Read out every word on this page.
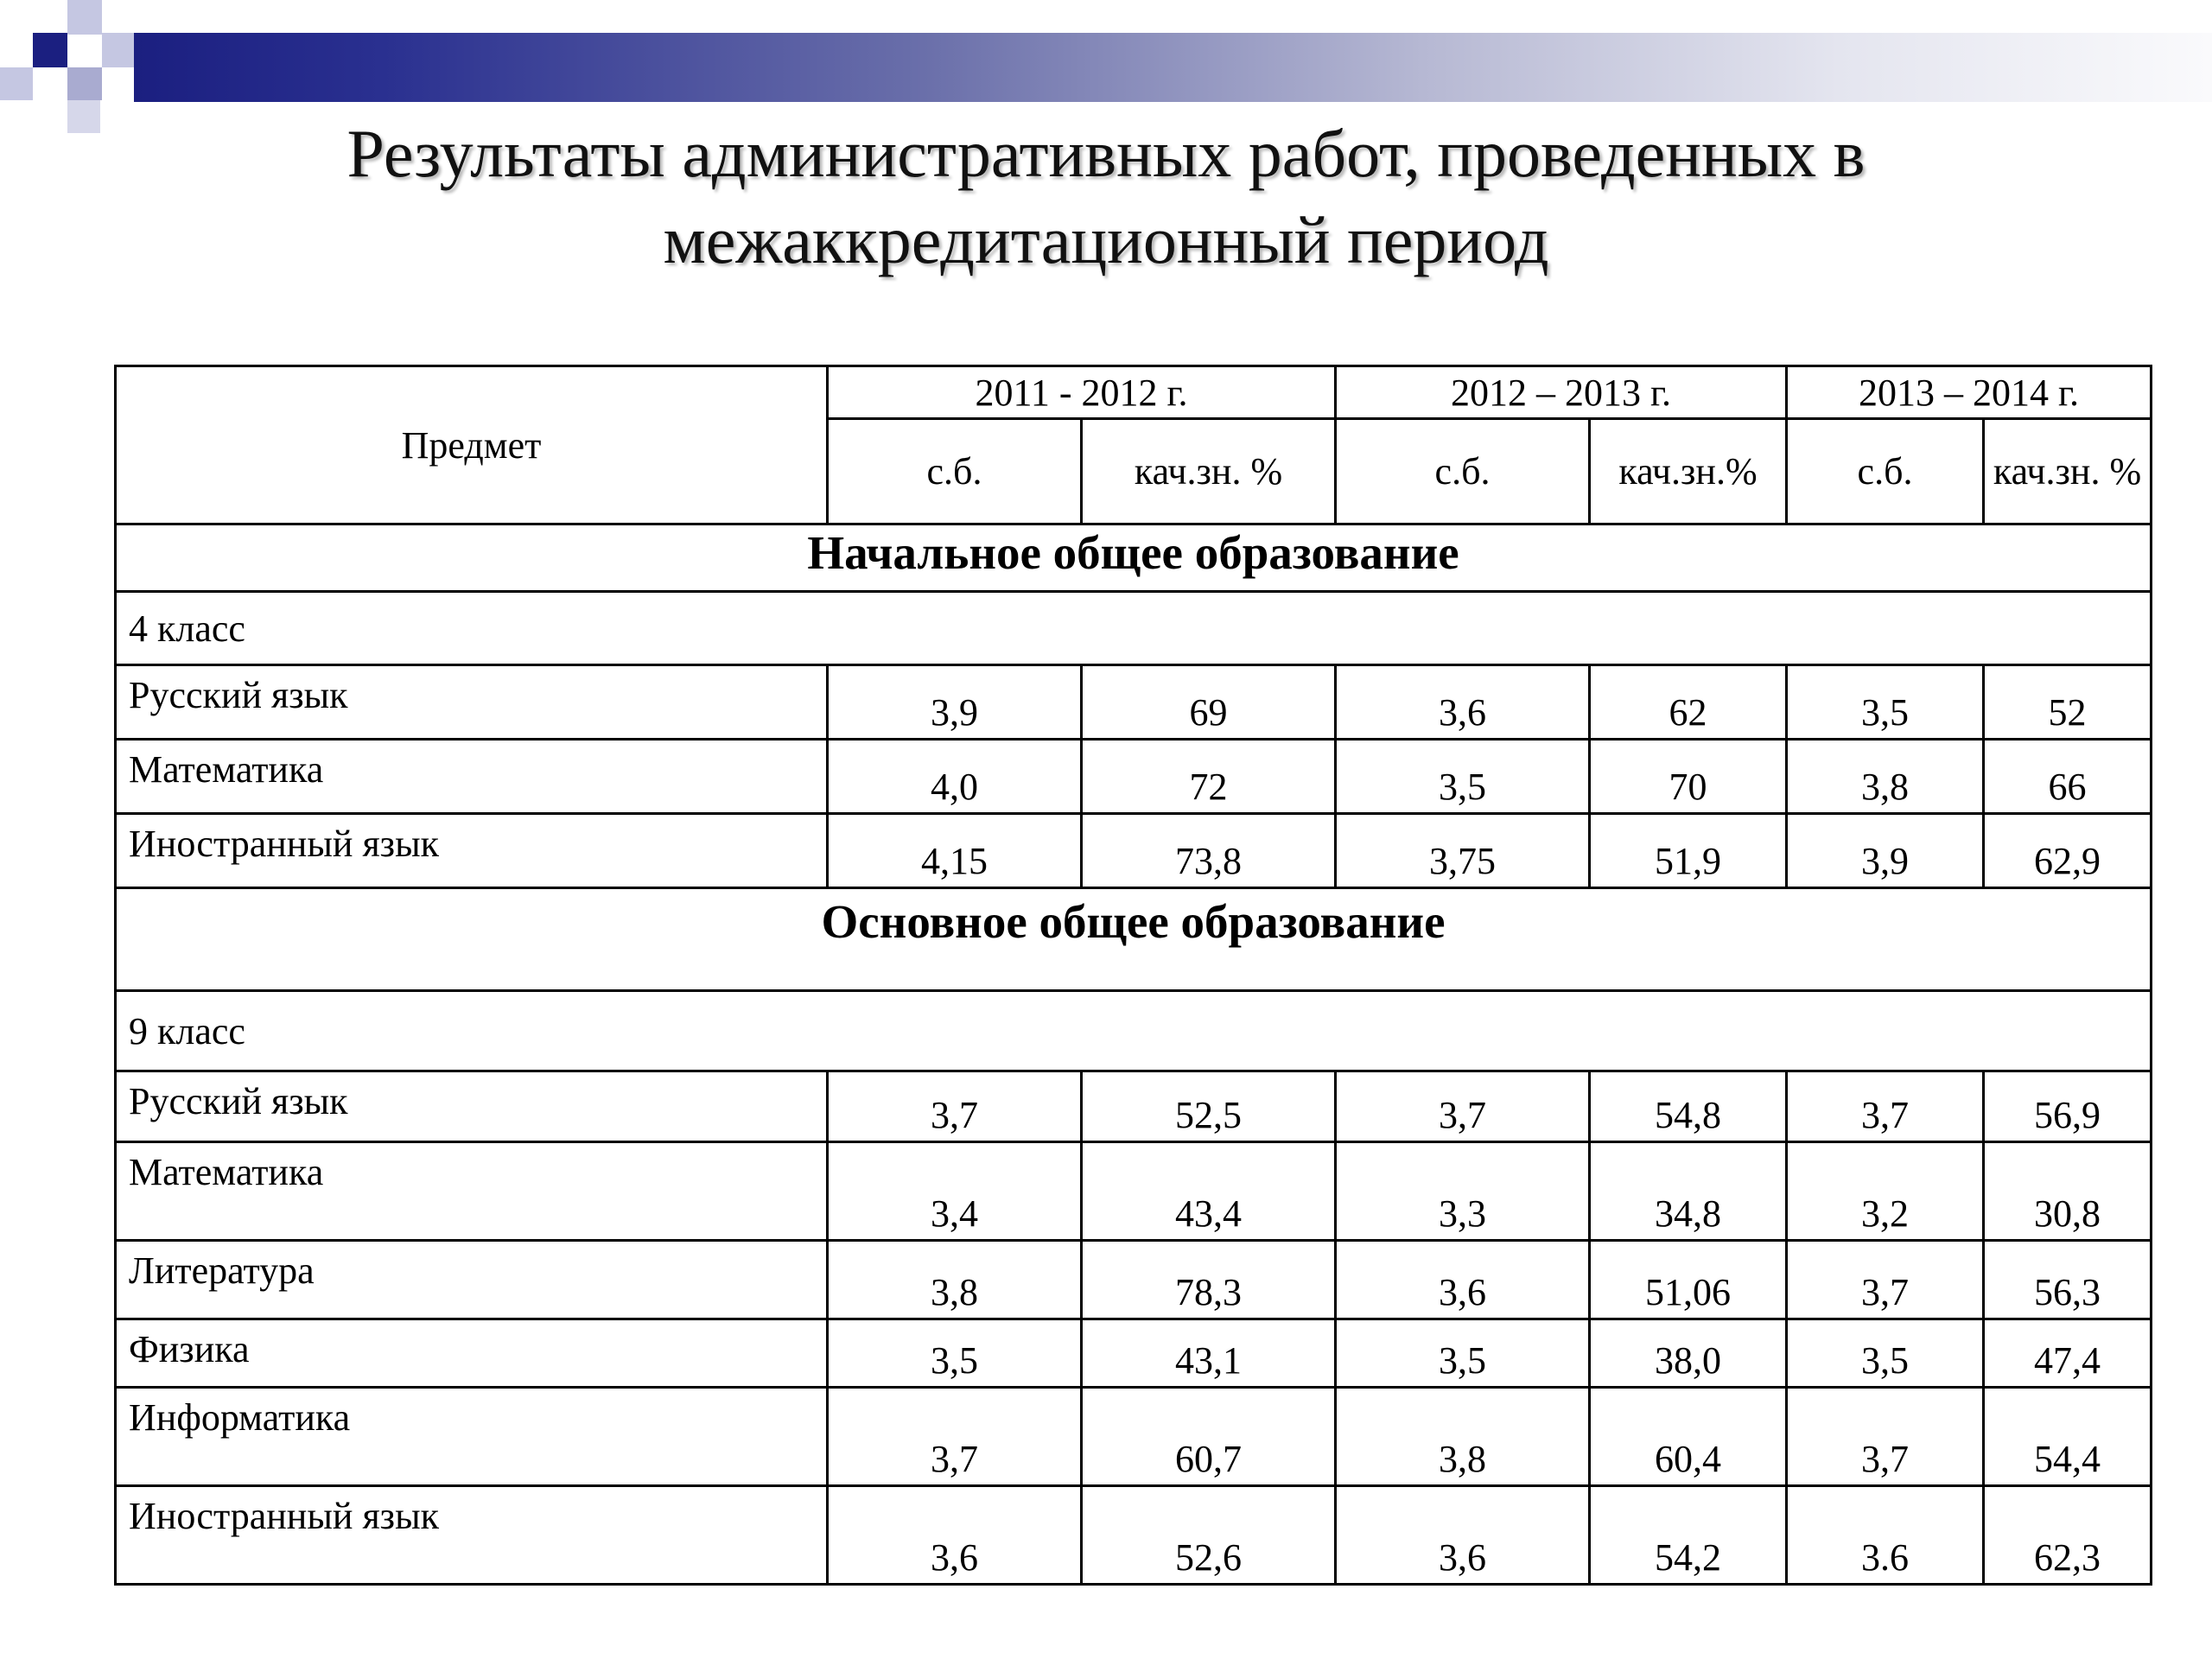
Результаты административных работ, проведенных в
межаккредитационный период
Предмет	2011 - 2012 г.		2012 – 2013 г.		2013 – 2014 г.	
	с.б.	кач.зн. %	с.б.	кач.зн.%	с.б.	кач.зн. %
Начальное общее образование						
4 класс						
Русский язык	3,9	69	3,6	62	3,5	52
Математика	4,0	72	3,5	70	3,8	66
Иностранный язык	4,15	73,8	3,75	51,9	3,9	62,9
Основное общее образование						
9 класс						
Русский язык	3,7	52,5	3,7	54,8	3,7	56,9
Математика	3,4	43,4	3,3	34,8	3,2	30,8
Литература	3,8	78,3	3,6	51,06	3,7	56,3
Физика	3,5	43,1	3,5	38,0	3,5	47,4
Информатика	3,7	60,7	3,8	60,4	3,7	54,4
Иностранный язык	3,6	52,6	3,6	54,2	3.6	62,3
